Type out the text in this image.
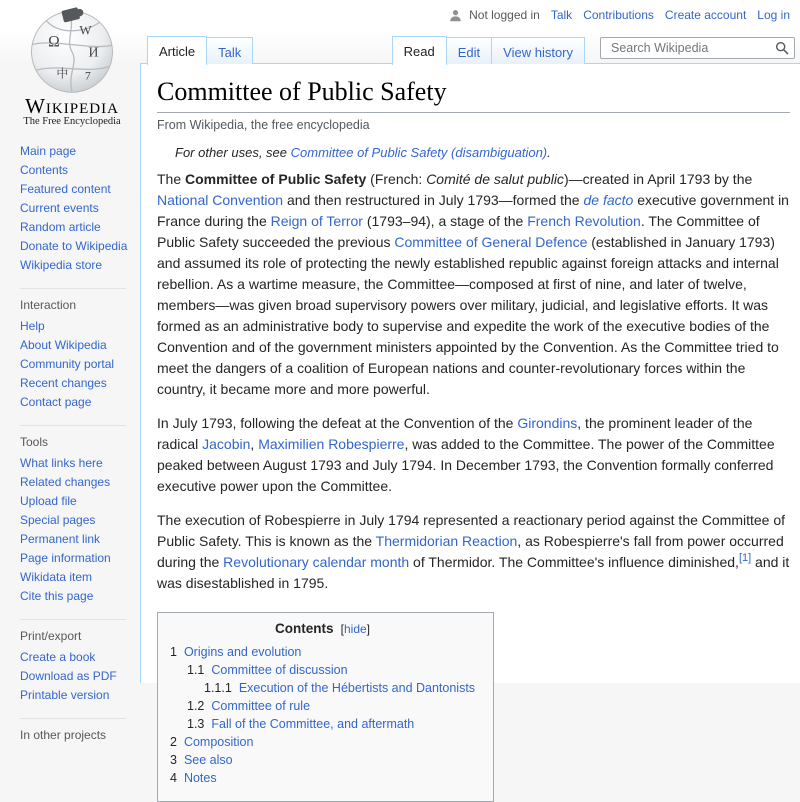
Not logged in Talk Contributions Create account Log in
Ω
W
И
中 7
Wikipedia
The Free Encyclopedia
Main page
Contents
Featured content
Current events
Random article
Donate to Wikipedia
Wikipedia store
Interaction
Help
About Wikipedia
Community portal
Recent changes
Contact page
Tools
What links here
Related changes
Upload file
Special pages
Permanent link
Page information
Wikidata item
Cite this page
Print/export
Create a book
Download as PDF
Printable version
In other projects
Article	Talk	Read	Edit	View history
Search Wikipedia
Committee of Public Safety
From Wikipedia, the free encyclopedia
For other uses, see Committee of Public Safety (disambiguation).

The Committee of Public Safety (French: Comité de salut public)—created in April 1793 by the National Convention and then restructured in July 1793—formed the de facto executive government in France during the Reign of Terror (1793–94), a stage of the French Revolution. The Committee of Public Safety succeeded the previous Committee of General Defence (established in January 1793) and assumed its role of protecting the newly established republic against foreign attacks and internal rebellion. As a wartime measure, the Committee—composed at first of nine, and later of twelve, members—was given broad supervisory powers over military, judicial, and legislative efforts. It was formed as an administrative body to supervise and expedite the work of the executive bodies of the Convention and of the government ministers appointed by the Convention. As the Committee tried to meet the dangers of a coalition of European nations and counter-revolutionary forces within the country, it became more and more powerful.

In July 1793, following the defeat at the Convention of the Girondins, the prominent leader of the radical Jacobin, Maximilien Robespierre, was added to the Committee. The power of the Committee peaked between August 1793 and July 1794. In December 1793, the Convention formally conferred executive power upon the Committee.

The execution of Robespierre in July 1794 represented a reactionary period against the Committee of Public Safety. This is known as the Thermidorian Reaction, as Robespierre's fall from power occurred during the Revolutionary calendar month of Thermidor. The Committee's influence diminished,[1] and it was disestablished in 1795.

Contents  [hide]
1 Origins and evolution
1.1 Committee of discussion
1.1.1 Execution of the Hébertists and Dantonists
1.2 Committee of rule
1.3 Fall of the Committee, and aftermath
2 Composition
3 See also
4 Notes
